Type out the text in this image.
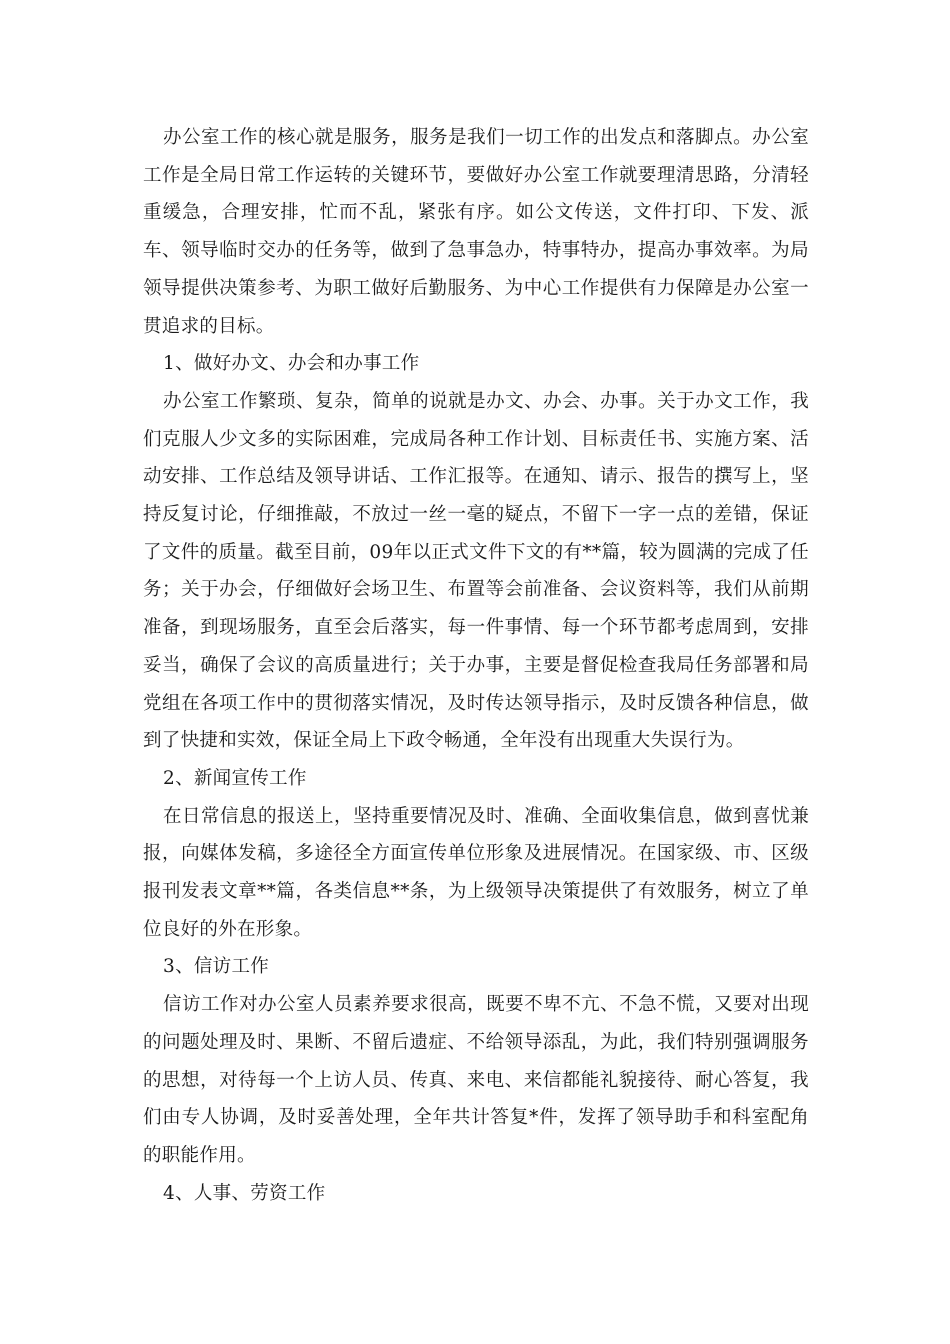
办公室工作的核心就是服务，服务是我们一切工作的出发点和落脚点。办公室工作是全局日常工作运转的关键环节，要做好办公室工作就要理清思路，分清轻重缓急，合理安排，忙而不乱，紧张有序。如公文传送，文件打印、下发、派车、领导临时交办的任务等，做到了急事急办，特事特办，提高办事效率。为局领导提供决策参考、为职工做好后勤服务、为中心工作提供有力保障是办公室一贯追求的目标。

1、做好办文、办会和办事工作

办公室工作繁琐、复杂，简单的说就是办文、办会、办事。关于办文工作，我们克服人少文多的实际困难，完成局各种工作计划、目标责任书、实施方案、活动安排、工作总结及领导讲话、工作汇报等。在通知、请示、报告的撰写上，坚持反复讨论，仔细推敲，不放过一丝一毫的疑点，不留下一字一点的差错，保证了文件的质量。截至目前，09年以正式文件下文的有**篇，较为圆满的完成了任务；关于办会，仔细做好会场卫生、布置等会前准备、会议资料等，我们从前期准备，到现场服务，直至会后落实，每一件事情、每一个环节都考虑周到，安排妥当，确保了会议的高质量进行；关于办事，主要是督促检查我局任务部署和局党组在各项工作中的贯彻落实情况，及时传达领导指示，及时反馈各种信息，做到了快捷和实效，保证全局上下政令畅通，全年没有出现重大失误行为。

2、新闻宣传工作

在日常信息的报送上，坚持重要情况及时、准确、全面收集信息，做到喜忧兼报，向媒体发稿，多途径全方面宣传单位形象及进展情况。在国家级、市、区级报刊发表文章**篇，各类信息**条，为上级领导决策提供了有效服务，树立了单位良好的外在形象。

3、信访工作

信访工作对办公室人员素养要求很高，既要不卑不亢、不急不慌，又要对出现的问题处理及时、果断、不留后遗症、不给领导添乱，为此，我们特别强调服务的思想，对待每一个上访人员、传真、来电、来信都能礼貌接待、耐心答复，我们由专人协调，及时妥善处理，全年共计答复*件，发挥了领导助手和科室配角的职能作用。

4、人事、劳资工作
